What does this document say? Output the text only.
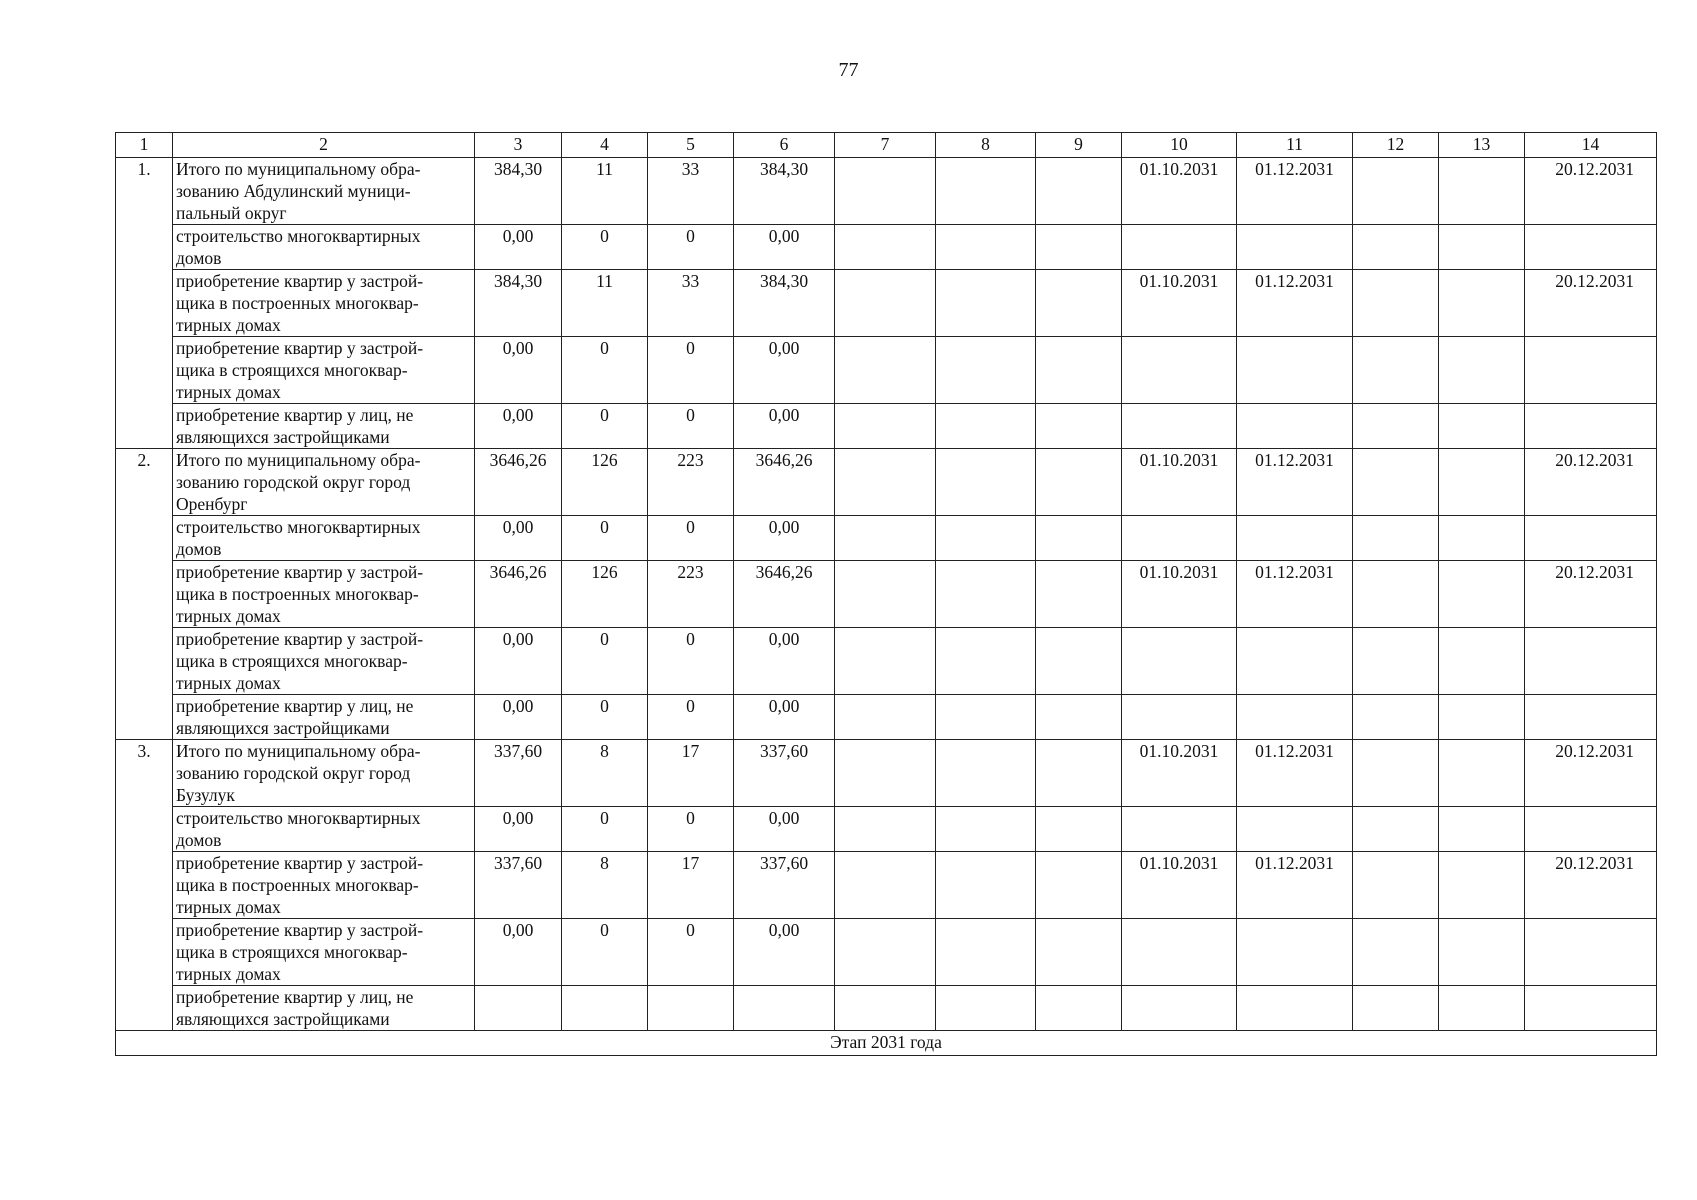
77
1	2	3	4	5	6	7	8	9	10	11	12	13	14
1.	Итого по муниципальному обра-
зованию Абдулинский муници-
пальный округ	384,30	11	33	384,30				01.10.2031	01.12.2031			20.12.2031
	строительство многоквартирных
домов	0,00	0	0	0,00								
	приобретение квартир у застрой-
щика в построенных многоквар-
тирных домах	384,30	11	33	384,30				01.10.2031	01.12.2031			20.12.2031
	приобретение квартир у застрой-
щика в строящихся многоквар-
тирных домах	0,00	0	0	0,00								
	приобретение квартир у лиц, не
являющихся застройщиками	0,00	0	0	0,00								
2.	Итого по муниципальному обра-
зованию городской округ город
Оренбург	3646,26	126	223	3646,26				01.10.2031	01.12.2031			20.12.2031
	строительство многоквартирных
домов	0,00	0	0	0,00								
	приобретение квартир у застрой-
щика в построенных многоквар-
тирных домах	3646,26	126	223	3646,26				01.10.2031	01.12.2031			20.12.2031
	приобретение квартир у застрой-
щика в строящихся многоквар-
тирных домах	0,00	0	0	0,00								
	приобретение квартир у лиц, не
являющихся застройщиками	0,00	0	0	0,00								
3.	Итого по муниципальному обра-
зованию городской округ город
Бузулук	337,60	8	17	337,60				01.10.2031	01.12.2031			20.12.2031
	строительство многоквартирных
домов	0,00	0	0	0,00								
	приобретение квартир у застрой-
щика в построенных многоквар-
тирных домах	337,60	8	17	337,60				01.10.2031	01.12.2031			20.12.2031
	приобретение квартир у застрой-
щика в строящихся многоквар-
тирных домах	0,00	0	0	0,00								
	приобретение квартир у лиц, не
являющихся застройщиками												
Этап 2031 года													
